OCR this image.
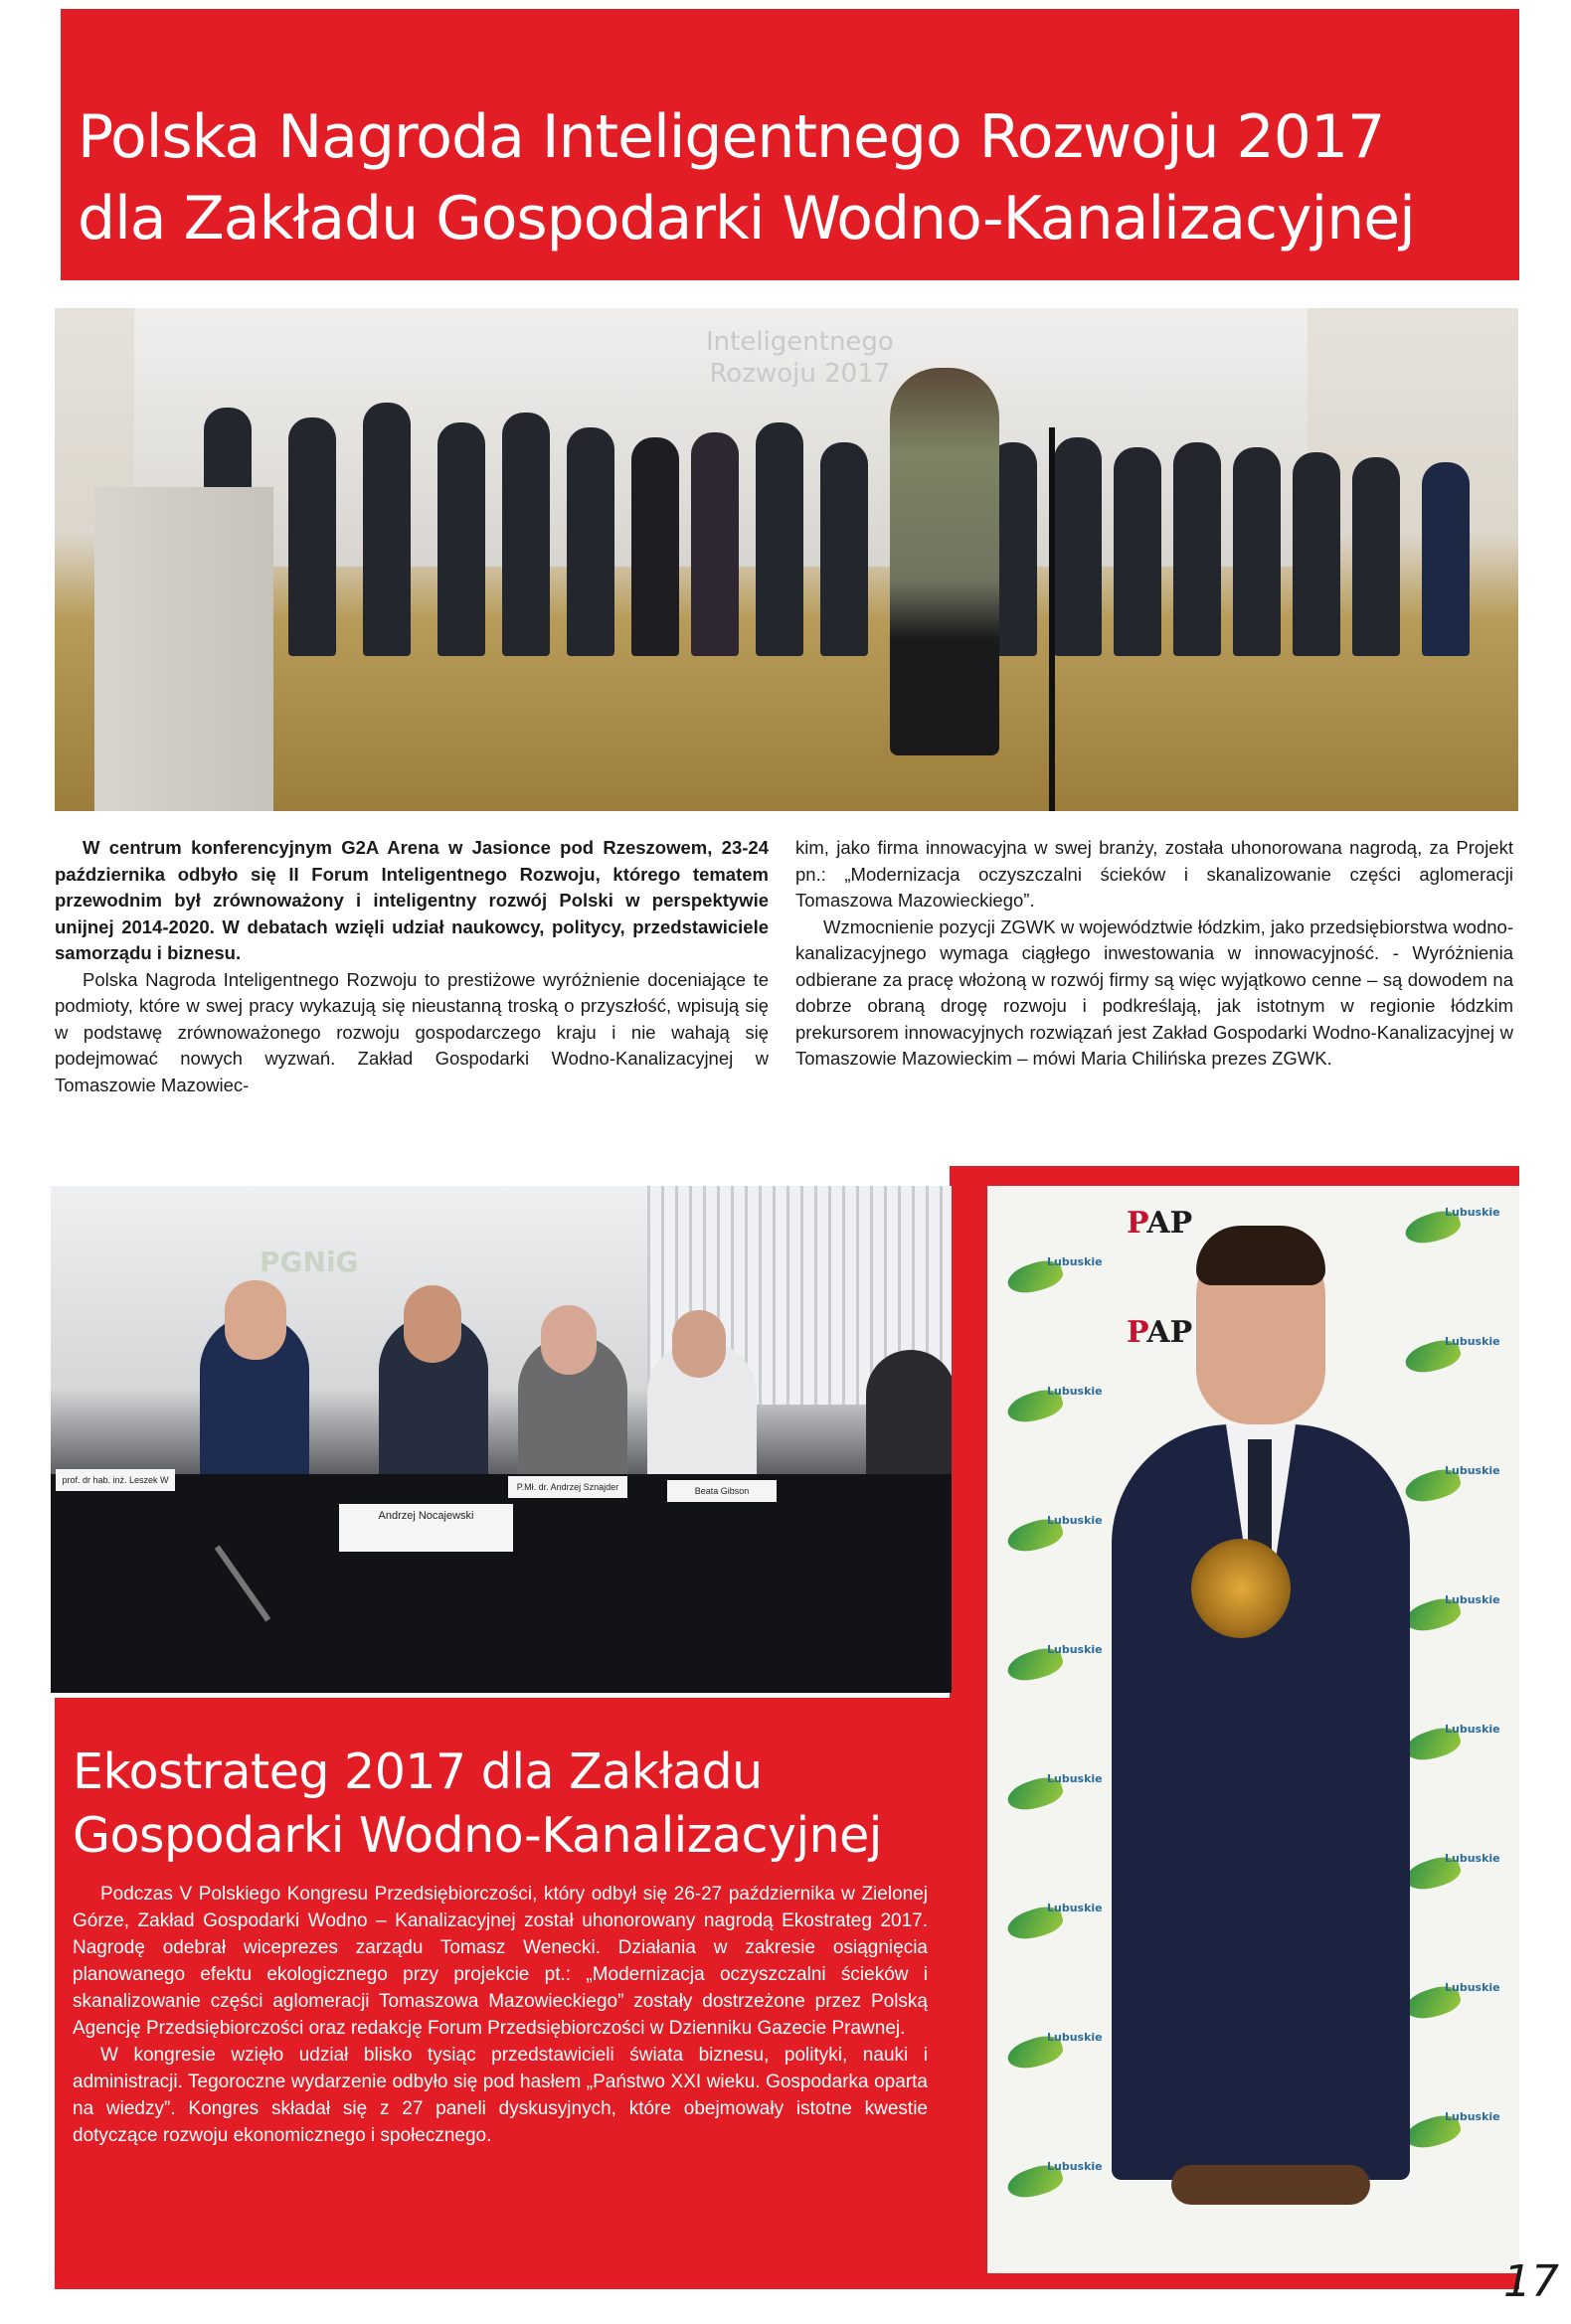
Polska Nagroda Inteligentnego Rozwoju 2017
dla Zakładu Gospodarki Wodno-Kanalizacyjnej
Inteligentnego
Rozwoju 2017

W centrum konferencyjnym G2A Arena w Jasionce pod Rzeszowem, 23-24 października odbyło się II Forum Inteligentnego Rozwoju, którego tematem przewodnim był zrównoważony i inteligentny rozwój Polski w perspektywie unijnej 2014-2020. W debatach wzięli udział naukowcy, politycy, przedstawiciele samorządu i biznesu.

Polska Nagroda Inteligentnego Rozwoju to prestiżowe wyróżnienie doceniające te podmioty, które w swej pracy wykazują się nieustanną troską o przyszłość, wpisują się w podstawę zrównoważonego rozwoju gospodarczego kraju i nie wahają się podejmować nowych wyzwań. Zakład Gospodarki Wodno-Kanalizacyjnej w Tomaszowie Mazowiec-

kim, jako firma innowacyjna w swej branży, została uhonorowana nagrodą, za Projekt pn.: „Modernizacja oczyszczalni ścieków i skanalizowanie części aglomeracji Tomaszowa Mazowieckiego”.

Wzmocnienie pozycji ZGWK w województwie łódzkim, jako przedsiębiorstwa wodno-kanalizacyjnego wymaga ciągłego inwestowania w innowacyjność. - Wyróżnienia odbierane za pracę włożoną w rozwój firmy są więc wyjątkowo cenne – są dowodem na dobrze obraną drogę rozwoju i podkreślają, jak istotnym w regionie łódzkim prekursorem innowacyjnych rozwiązań jest Zakład Gospodarki Wodno-Kanalizacyjnej w Tomaszowie Mazowieckim – mówi Maria Chilińska prezes ZGWK.

Ekostrateg 2017 dla Zakładu
Gospodarki Wodno-Kanalizacyjnej

Podczas V Polskiego Kongresu Przedsiębiorczości, który odbył się 26-27 października w Zielonej Górze, Zakład Gospodarki Wodno – Kanalizacyjnej został uhonorowany nagrodą Ekostrateg 2017. Nagrodę odebrał wiceprezes zarządu Tomasz Wenecki. Działania w zakresie osiągnięcia planowanego efektu ekologicznego przy projekcie pt.: „Modernizacja oczyszczalni ścieków i skanalizowanie części aglomeracji Tomaszowa Mazowieckiego” zostały dostrzeżone przez Polską Agencję Przedsiębiorczości oraz redakcję Forum Przedsiębiorczości w Dzienniku Gazecie Prawnej.

W kongresie wzięło udział blisko tysiąc przedstawicieli świata biznesu, polityki, nauki i administracji. Tegoroczne wydarzenie odbyło się pod hasłem „Państwo XXI wieku. Gospodarka oparta na wiedzy”. Kongres składał się z 27 paneli dyskusyjnych, które obejmowały istotne kwestie dotyczące rozwoju ekonomicznego i społecznego.

PGNiG
prof. dr hab. inż. Leszek W
Andrzej Nocajewski
P.Mł. dr. Andrzej Sznajder	Beata Gibson
Lubuskie
Lubuskie
Lubuskie
Lubuskie
Lubuskie
Lubuskie
Lubuskie
Lubuskie
Lubuskie
Lubuskie
Lubuskie
Lubuskie
Lubuskie
Lubuskie
Lubuskie
Lubuskie
PAP
PAP
17
